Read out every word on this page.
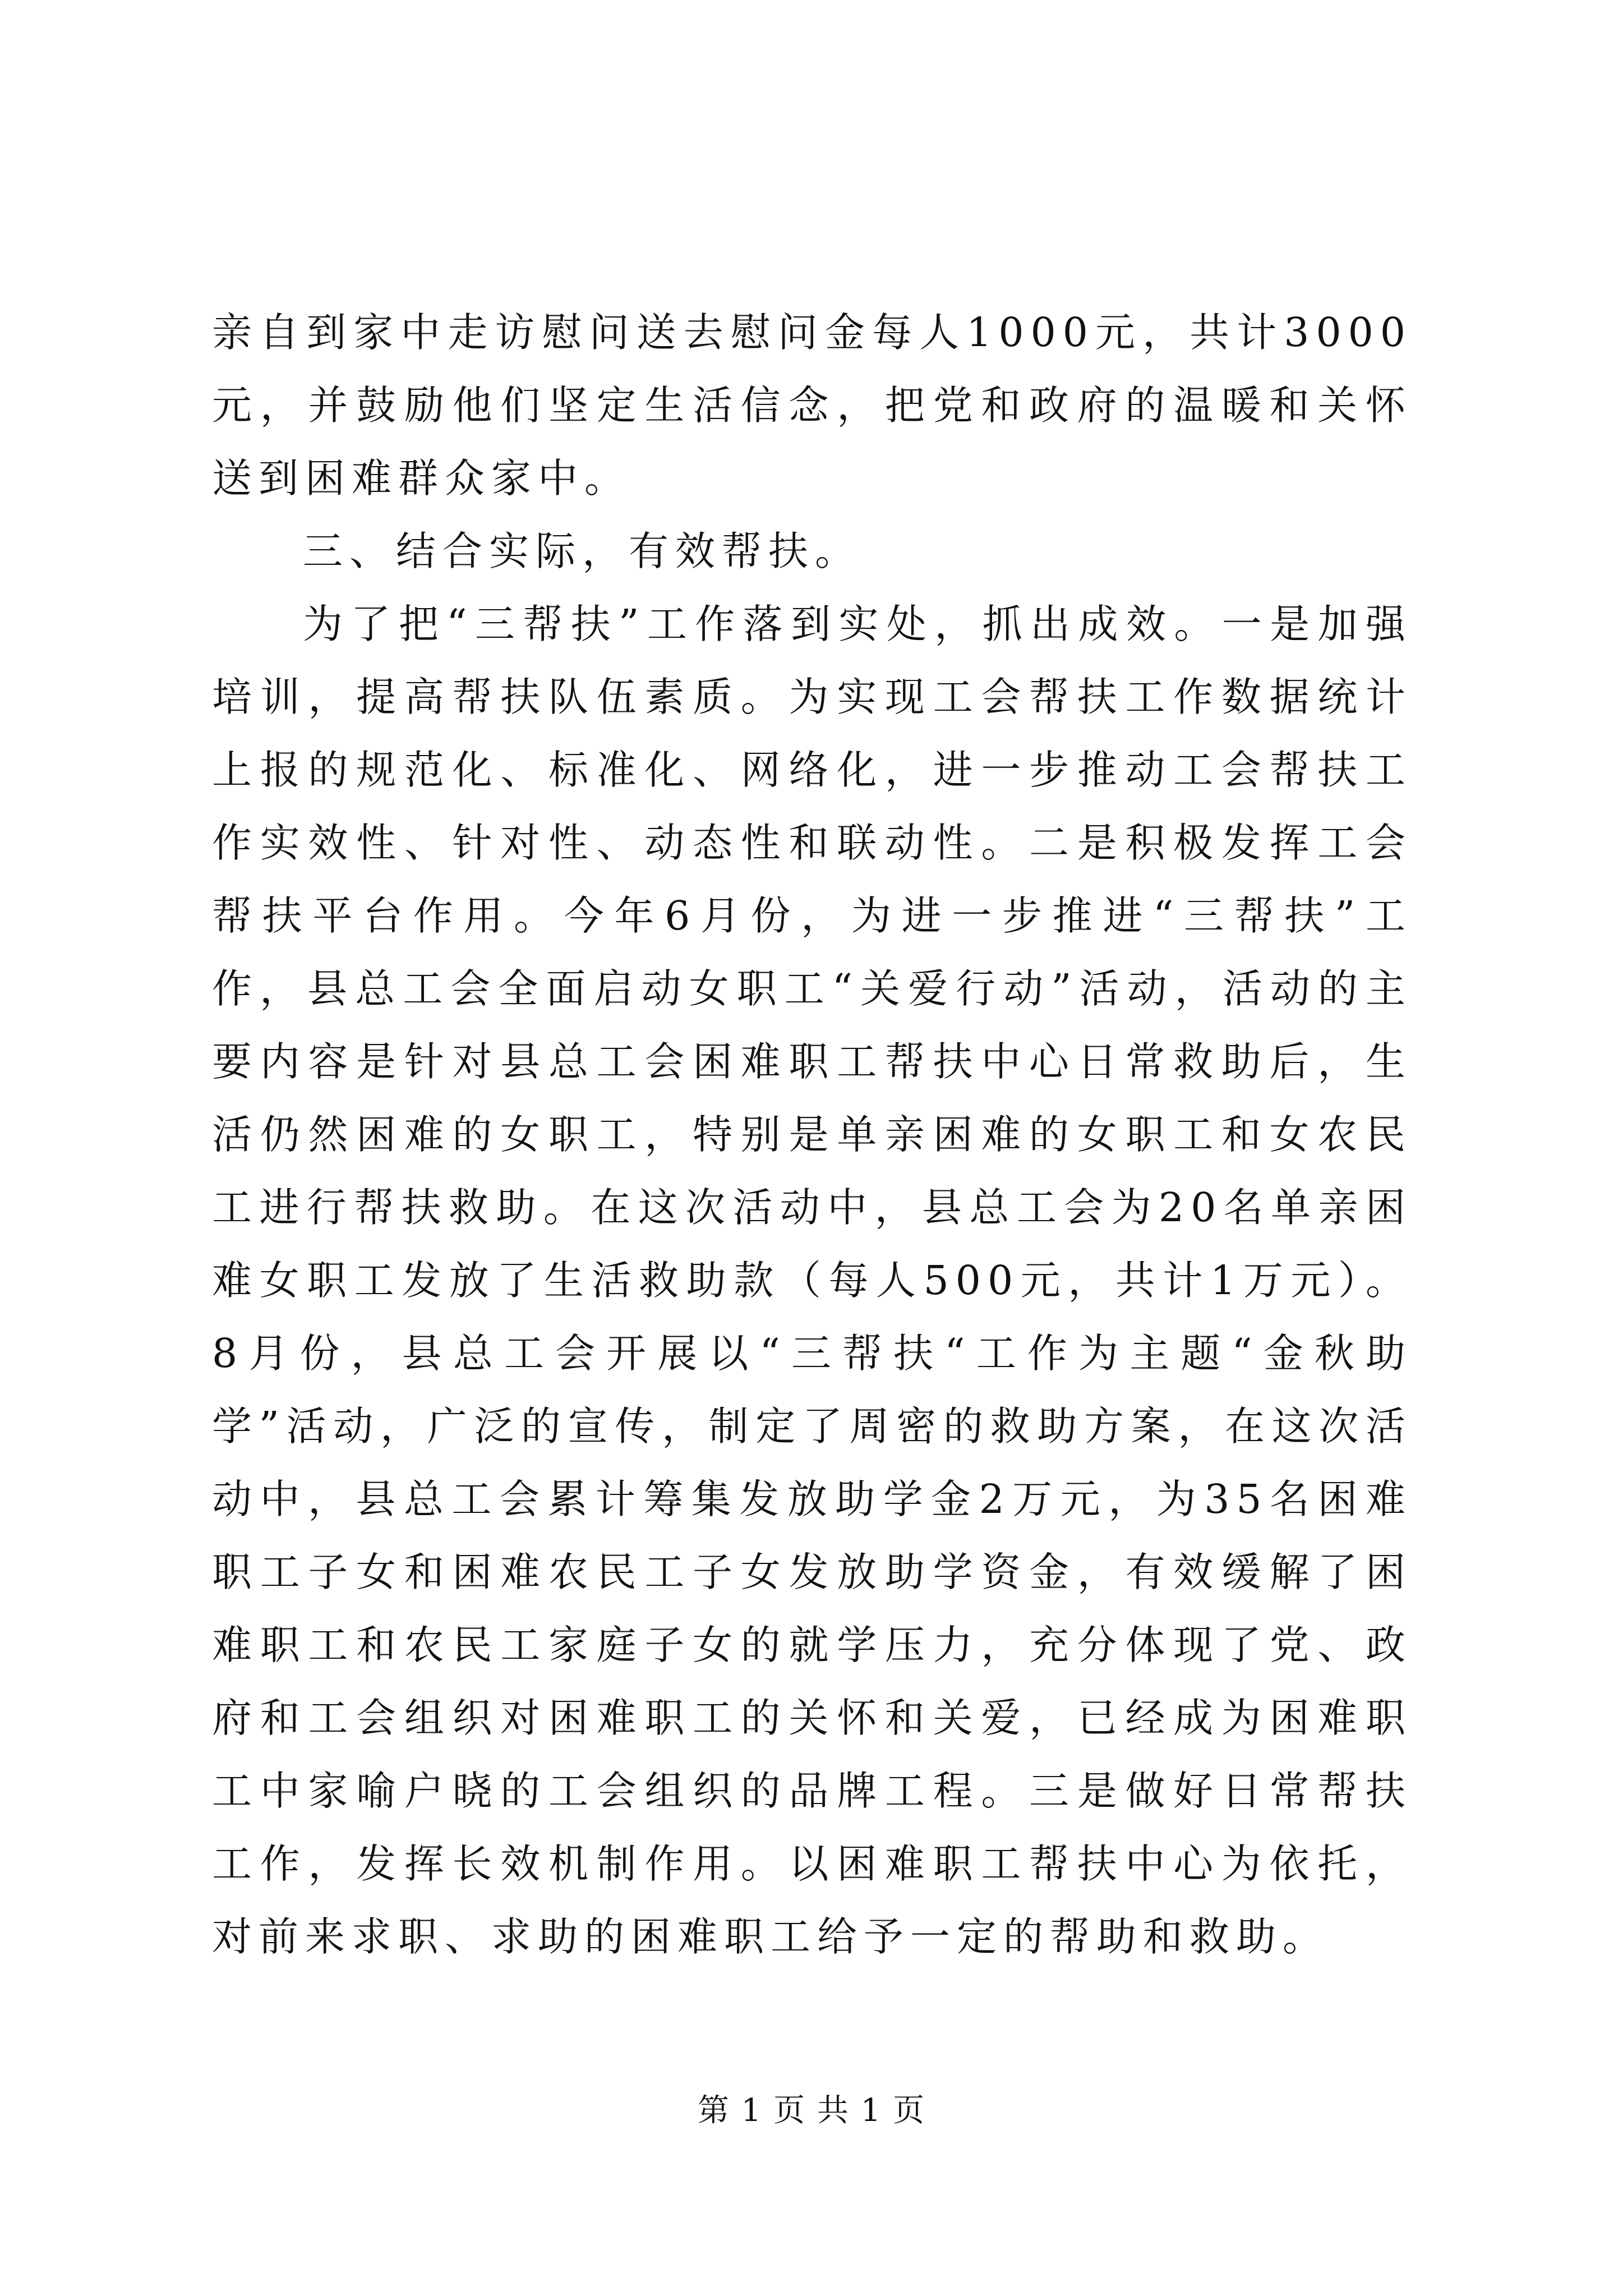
亲自到家中走访慰问送去慰问金每人1000元，共计3000元，并鼓励他们坚定生活信念，把党和政府的温暖和关怀送到困难群众家中。

三、结合实际，有效帮扶。

为了把“三帮扶”工作落到实处，抓出成效。一是加强培训，提高帮扶队伍素质。为实现工会帮扶工作数据统计上报的规范化、标准化、网络化，进一步推动工会帮扶工作实效性、针对性、动态性和联动性。二是积极发挥工会帮扶平台作用。今年6月份，为进一步推进“三帮扶”工作，县总工会全面启动女职工“关爱行动”活动，活动的主要内容是针对县总工会困难职工帮扶中心日常救助后，生活仍然困难的女职工，特别是单亲困难的女职工和女农民工进行帮扶救助。在这次活动中，县总工会为20名单亲困难女职工发放了生活救助款（每人500元，共计1万元）。8月份，县总工会开展以“三帮扶“工作为主题“金秋助学”活动，广泛的宣传，制定了周密的救助方案，在这次活动中，县总工会累计筹集发放助学金2万元，为35名困难职工子女和困难农民工子女发放助学资金，有效缓解了困难职工和农民工家庭子女的就学压力，充分体现了党、政府和工会组织对困难职工的关怀和关爱，已经成为困难职工中家喻户晓的工会组织的品牌工程。三是做好日常帮扶工作，发挥长效机制作用。以困难职工帮扶中心为依托，对前来求职、求助的困难职工给予一定的帮助和救助。

第 1 页 共 1 页
